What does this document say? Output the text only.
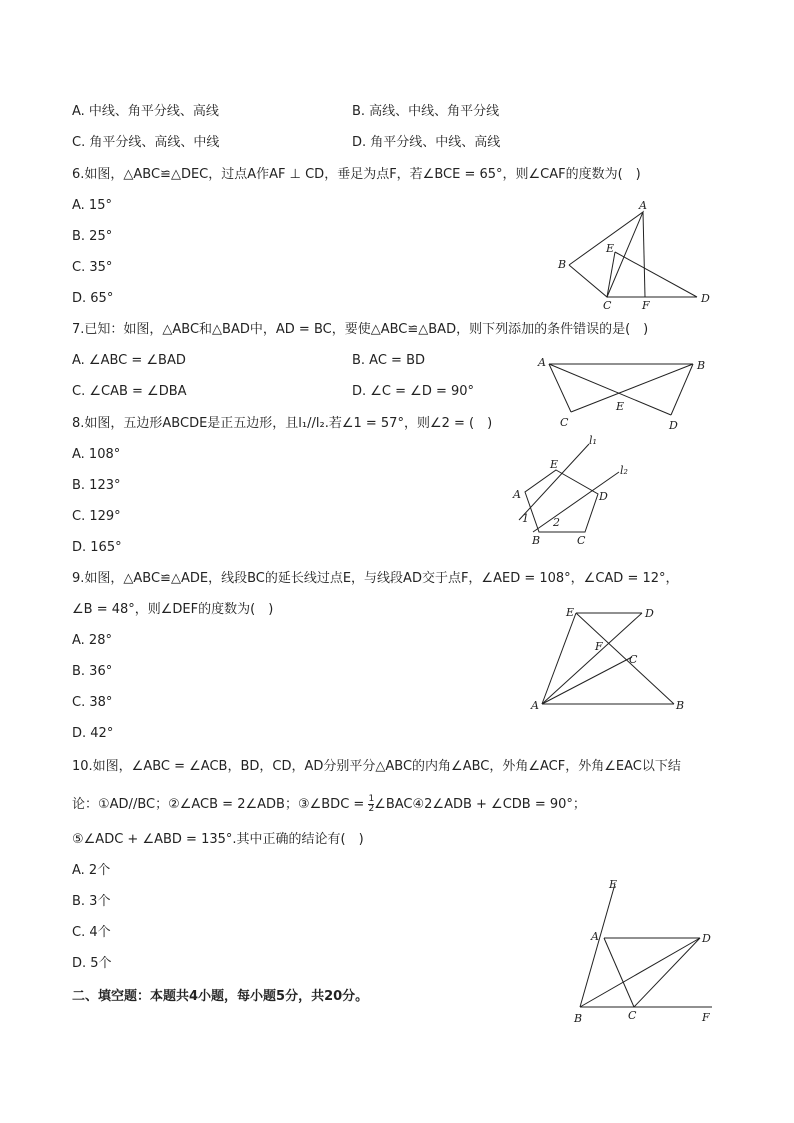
A. 中线、角平分线、高线	B. 高线、中线、角平分线
C. 角平分线、高线、中线	D. 角平分线、中线、高线
6.如图，△ABC≌△DEC，过点A作AF ⊥ CD，垂足为点F，若∠BCE = 65°，则∠CAF的度数为(　)
A. 15°
B. 25°
C. 35°
D. 65°
A
B
C	F
D
E
7.已知：如图，△ABC和△BAD中，AD = BC，要使△ABC≌△BAD，则下列添加的条件错误的是(　)
A. ∠ABC = ∠BAD	B. AC = BD
C. ∠CAB = ∠DBA	D. ∠C = ∠D = 90°
A	B
C	D
E
8.如图，五边形ABCDE是正五边形，且l₁//l₂.若∠1 = 57°，则∠2 = (　)
A. 108°
B. 123°
C. 129°
D. 165°
l₁
l₂
E
D
A
B	C
1 2
9.如图，△ABC≌△ADE，线段BC的延长线过点E，与线段AD交于点F，∠AED = 108°，∠CAD = 12°，
∠B = 48°，则∠DEF的度数为(　)
A. 28°
B. 36°
C. 38°
D. 42°
E	D
F
C
A	B
10.如图，∠ABC = ∠ACB，BD，CD，AD分别平分△ABC的内角∠ABC，外角∠ACF，外角∠EAC以下结
论：①AD//BC；②∠ACB = 2∠ADB；③∠BDC = $\frac{1}{2}$ ∠BAC④2∠ADB + ∠CDB = 90°；
⑤∠ADC + ∠ABD = 135°.其中正确的结论有(　)
A. 2个
B. 3个
C. 4个
D. 5个
E
A	D
B	C	F
二、填空题：本题共4小题，每小题5分，共20分。
